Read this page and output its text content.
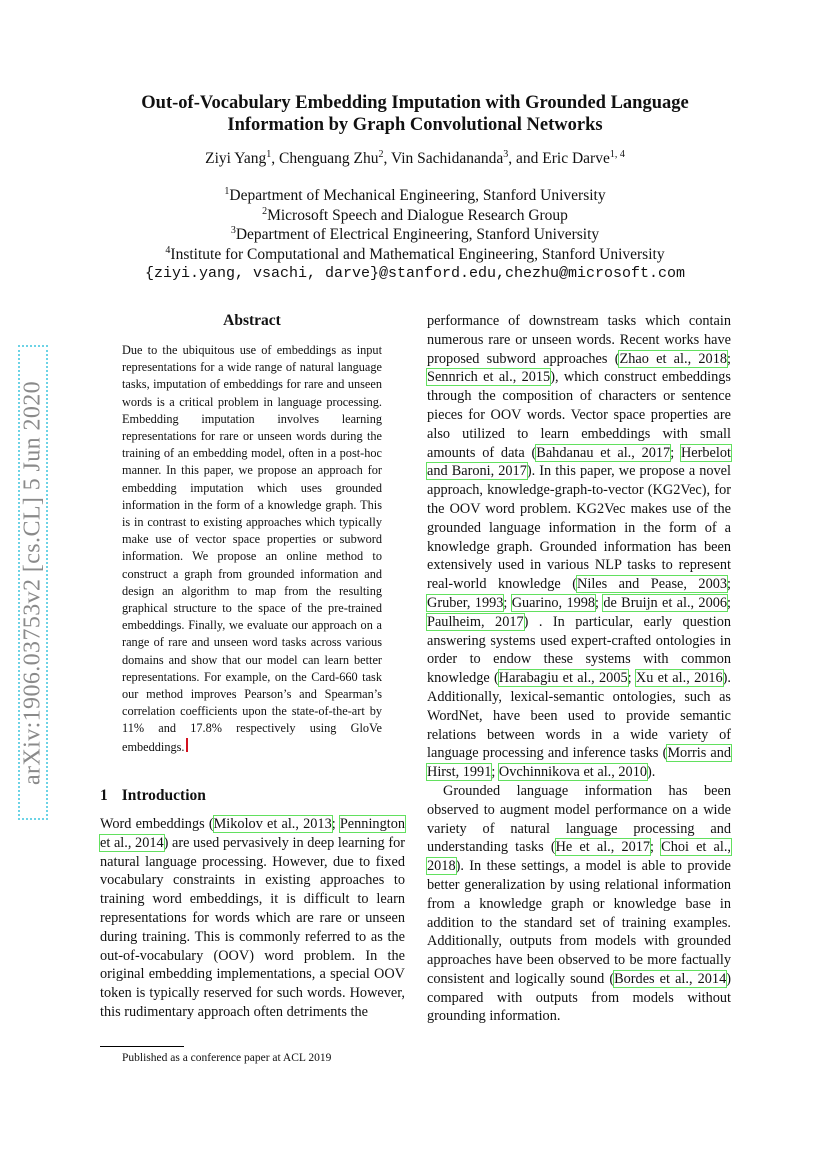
Out-of-Vocabulary Embedding Imputation with Grounded Language
Information by Graph Convolutional Networks
Ziyi Yang$^1$, Chenguang Zhu$^2$, Vin Sachidananda$^3$, and Eric Darve$^{1, 4}$
$^1$Department of Mechanical Engineering, Stanford University
$^2$Microsoft Speech and Dialogue Research Group
$^3$Department of Electrical Engineering, Stanford University
$^4$Institute for Computational and Mathematical Engineering, Stanford University
{ziyi.yang, vsachi, darve}@stanford.edu,chezhu@microsoft.com
arXiv:1906.03753v2 [cs.CL] 5 Jun 2020
Abstract
Due to the ubiquitous use of embeddings as input representations for a wide range of natural language tasks, imputation of embeddings for rare and unseen words is a critical problem in language processing. Embedding imputation involves learning representations for rare or unseen words during the training of an embedding model, often in a post-hoc manner. In this paper, we propose an approach for embedding imputation which uses grounded information in the form of a knowledge graph. This is in contrast to existing approaches which typically make use of vector space properties or subword information. We propose an online method to construct a graph from grounded information and design an algorithm to map from the resulting graphical structure to the space of the pre-trained embeddings. Finally, we evaluate our approach on a range of rare and unseen word tasks across various domains and show that our model can learn better representations. For example, on the Card-660 task our method improves Pearson’s and Spearman’s correlation coefficients upon the state-of-the-art by 11% and 17.8% respectively using GloVe embeddings.
1 Introduction
Word embeddings (Mikolov et al., 2013; Pennington et al., 2014) are used pervasively in deep learning for natural language processing. However, due to fixed vocabulary constraints in existing approaches to training word embeddings, it is difficult to learn representations for words which are rare or unseen during training. This is commonly referred to as the out-of-vocabulary (OOV) word problem. In the original embedding implementations, a special OOV token is typically reserved for such words. However, this rudimentary approach often detriments the
Published as a conference paper at ACL 2019

performance of downstream tasks which contain numerous rare or unseen words. Recent works have proposed subword approaches (Zhao et al., 2018; Sennrich et al., 2015), which construct embeddings through the composition of characters or sentence pieces for OOV words. Vector space properties are also utilized to learn embeddings with small amounts of data (Bahdanau et al., 2017; Herbelot and Baroni, 2017). In this paper, we propose a novel approach, knowledge-graph-to-vector (KG2Vec), for the OOV word problem. KG2Vec makes use of the grounded language information in the form of a knowledge graph. Grounded information has been extensively used in various NLP tasks to represent real-world knowledge (Niles and Pease, 2003; Gruber, 1993; Guarino, 1998; de Bruijn et al., 2006; Paulheim, 2017) . In particular, early question answering systems used expert-crafted ontologies in order to endow these systems with common knowledge (Harabagiu et al., 2005; Xu et al., 2016). Additionally, lexical-semantic ontologies, such as WordNet, have been used to provide semantic relations between words in a wide variety of language processing and inference tasks (Morris and Hirst, 1991; Ovchinnikova et al., 2010).

Grounded language information has been observed to augment model performance on a wide variety of natural language processing and understanding tasks (He et al., 2017; Choi et al., 2018). In these settings, a model is able to provide better generalization by using relational information from a knowledge graph or knowledge base in addition to the standard set of training examples. Additionally, outputs from models with grounded approaches have been observed to be more factually consistent and logically sound (Bordes et al., 2014) compared with outputs from models without grounding information.
